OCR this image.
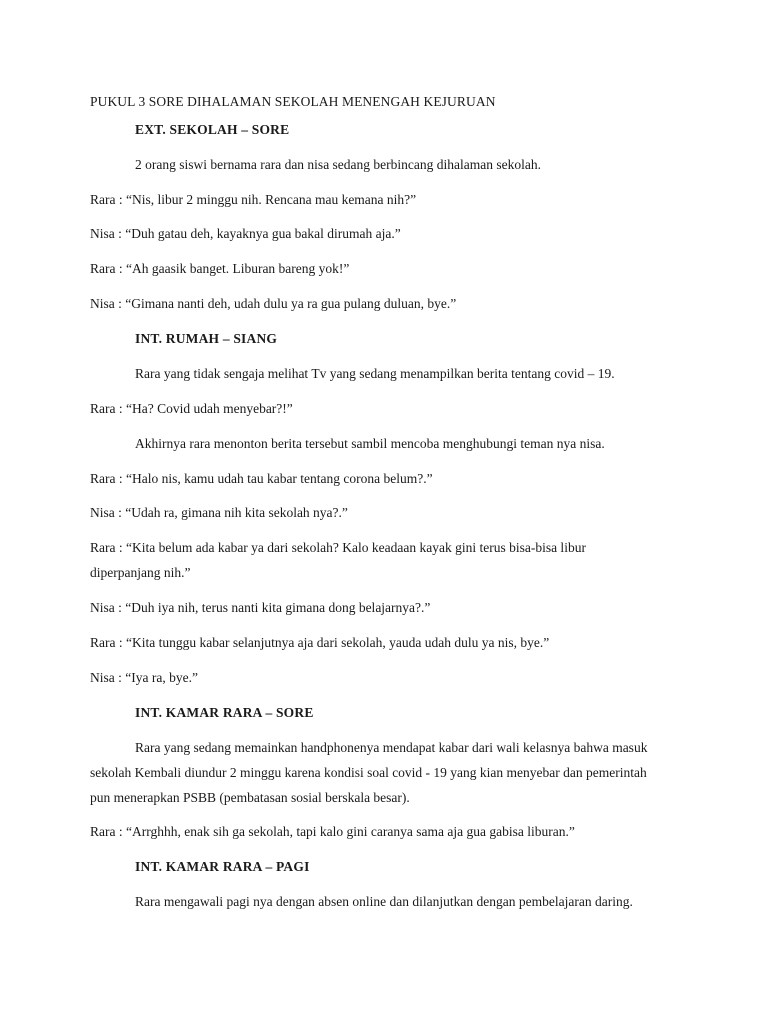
PUKUL 3 SORE DIHALAMAN SEKOLAH MENENGAH KEJURUAN
EXT. SEKOLAH – SORE
2 orang siswi bernama rara dan nisa sedang berbincang dihalaman sekolah.
Rara : “Nis, libur 2 minggu nih. Rencana mau kemana nih?”
Nisa : “Duh gatau deh, kayaknya gua bakal dirumah aja.”
Rara : “Ah gaasik banget. Liburan bareng yok!”
Nisa : “Gimana nanti deh, udah dulu ya ra gua pulang duluan, bye.”
INT. RUMAH – SIANG
Rara yang tidak sengaja melihat Tv yang sedang menampilkan berita tentang covid – 19.
Rara : “Ha? Covid udah menyebar?!”
Akhirnya rara menonton berita tersebut sambil mencoba menghubungi teman nya nisa.
Rara : “Halo nis, kamu udah tau kabar tentang corona belum?.”
Nisa : “Udah ra, gimana nih kita sekolah nya?.”
Rara : “Kita belum ada kabar ya dari sekolah? Kalo keadaan kayak gini terus bisa-bisa libur
diperpanjang nih.”
Nisa : “Duh iya nih, terus nanti kita gimana dong belajarnya?.”
Rara : “Kita tunggu kabar selanjutnya aja dari sekolah, yauda udah dulu ya nis, bye.”
Nisa : “Iya ra, bye.”
INT. KAMAR RARA – SORE
Rara yang sedang memainkan handphonenya mendapat kabar dari wali kelasnya bahwa masuk
sekolah Kembali diundur 2 minggu karena kondisi soal covid - 19 yang kian menyebar dan pemerintah
pun menerapkan PSBB (pembatasan sosial berskala besar).
Rara : “Arrghhh, enak sih ga sekolah, tapi kalo gini caranya sama aja gua gabisa liburan.”
INT. KAMAR RARA – PAGI
Rara mengawali pagi nya dengan absen online dan dilanjutkan dengan pembelajaran daring.
